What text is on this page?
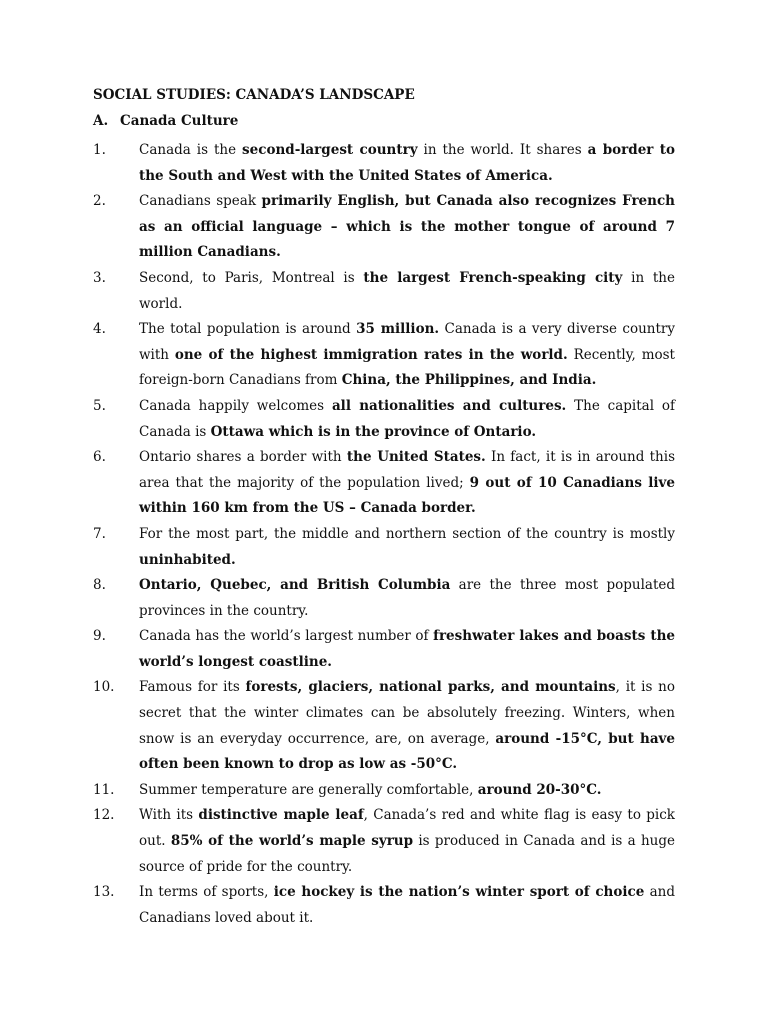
SOCIAL STUDIES: CANADA’S LANDSCAPE
A. Canada Culture
1.	Canada is the second-largest country in the world. It shares a border to the South and West with the United States of America.
2.	Canadians speak primarily English, but Canada also recognizes French as an official language – which is the mother tongue of around 7 million Canadians.
3.	Second, to Paris, Montreal is the largest French-speaking city in the world.
4.	The total population is around 35 million. Canada is a very diverse country with one of the highest immigration rates in the world. Recently, most foreign-born Canadians from China, the Philippines, and India.
5.	Canada happily welcomes all nationalities and cultures. The capital of Canada is Ottawa which is in the province of Ontario.
6.	Ontario shares a border with the United States. In fact, it is in around this area that the majority of the population lived; 9 out of 10 Canadians live within 160 km from the US – Canada border.
7.	For the most part, the middle and northern section of the country is mostly uninhabited.
8.	Ontario, Quebec, and British Columbia are the three most populated provinces in the country.
9.	Canada has the world’s largest number of freshwater lakes and boasts the world’s longest coastline.
10.	Famous for its forests, glaciers, national parks, and mountains, it is no secret that the winter climates can be absolutely freezing. Winters, when snow is an everyday occurrence, are, on average, around -15°C, but have often been known to drop as low as -50°C.
11.	Summer temperature are generally comfortable, around 20-30°C.
12.	With its distinctive maple leaf, Canada’s red and white flag is easy to pick out. 85% of the world’s maple syrup is produced in Canada and is a huge source of pride for the country.
13.	In terms of sports, ice hockey is the nation’s winter sport of choice and Canadians loved about it.
